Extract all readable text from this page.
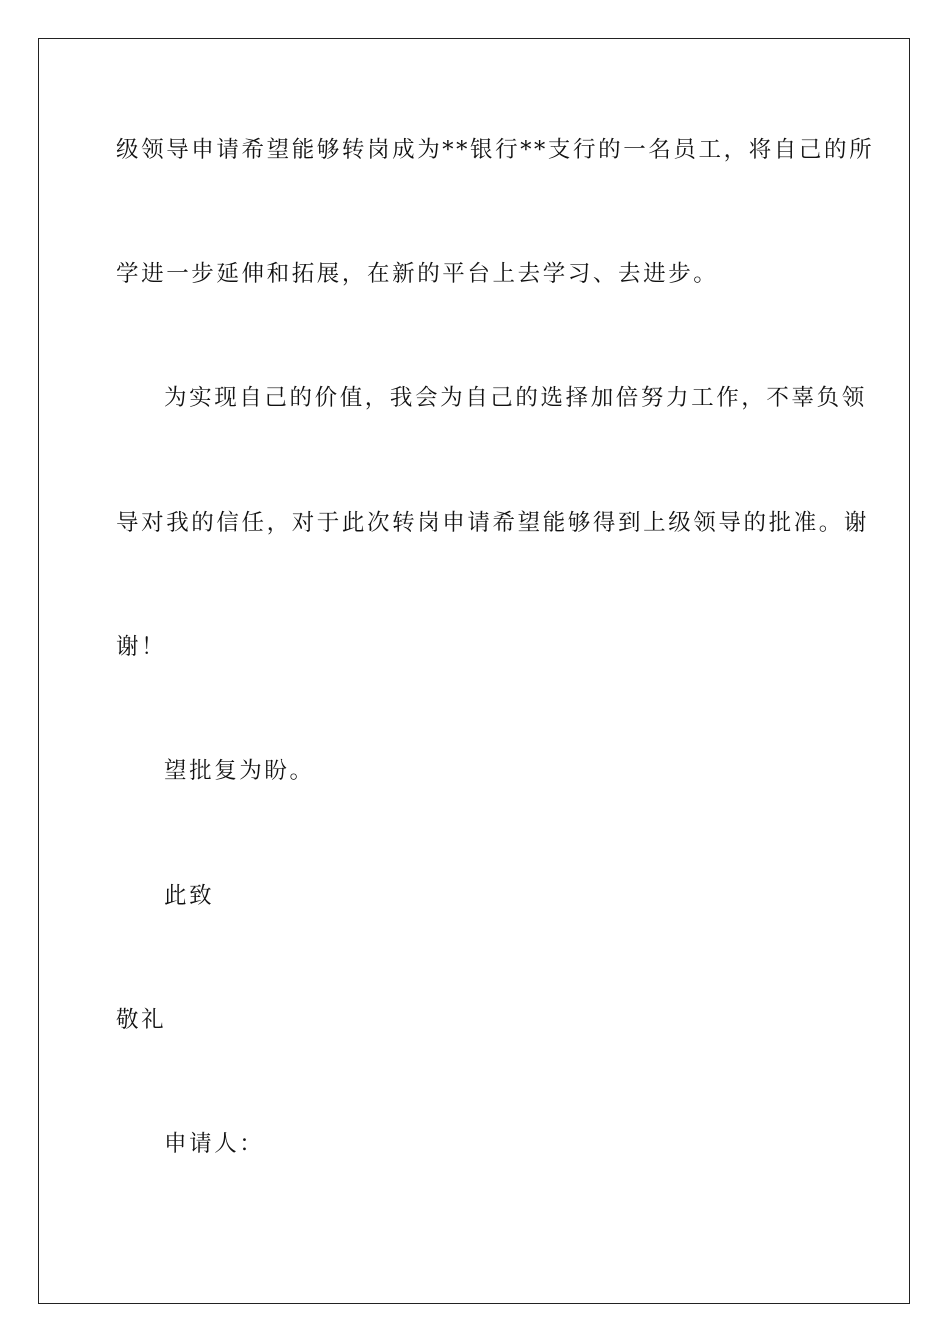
级领导申请希望能够转岗成为**银行**支行的一名员工，将自己的所
学进一步延伸和拓展，在新的平台上去学习、去进步。
为实现自己的价值，我会为自己的选择加倍努力工作，不辜负领
导对我的信任，对于此次转岗申请希望能够得到上级领导的批准。谢
谢！
望批复为盼。
此致
敬礼
申请人：
